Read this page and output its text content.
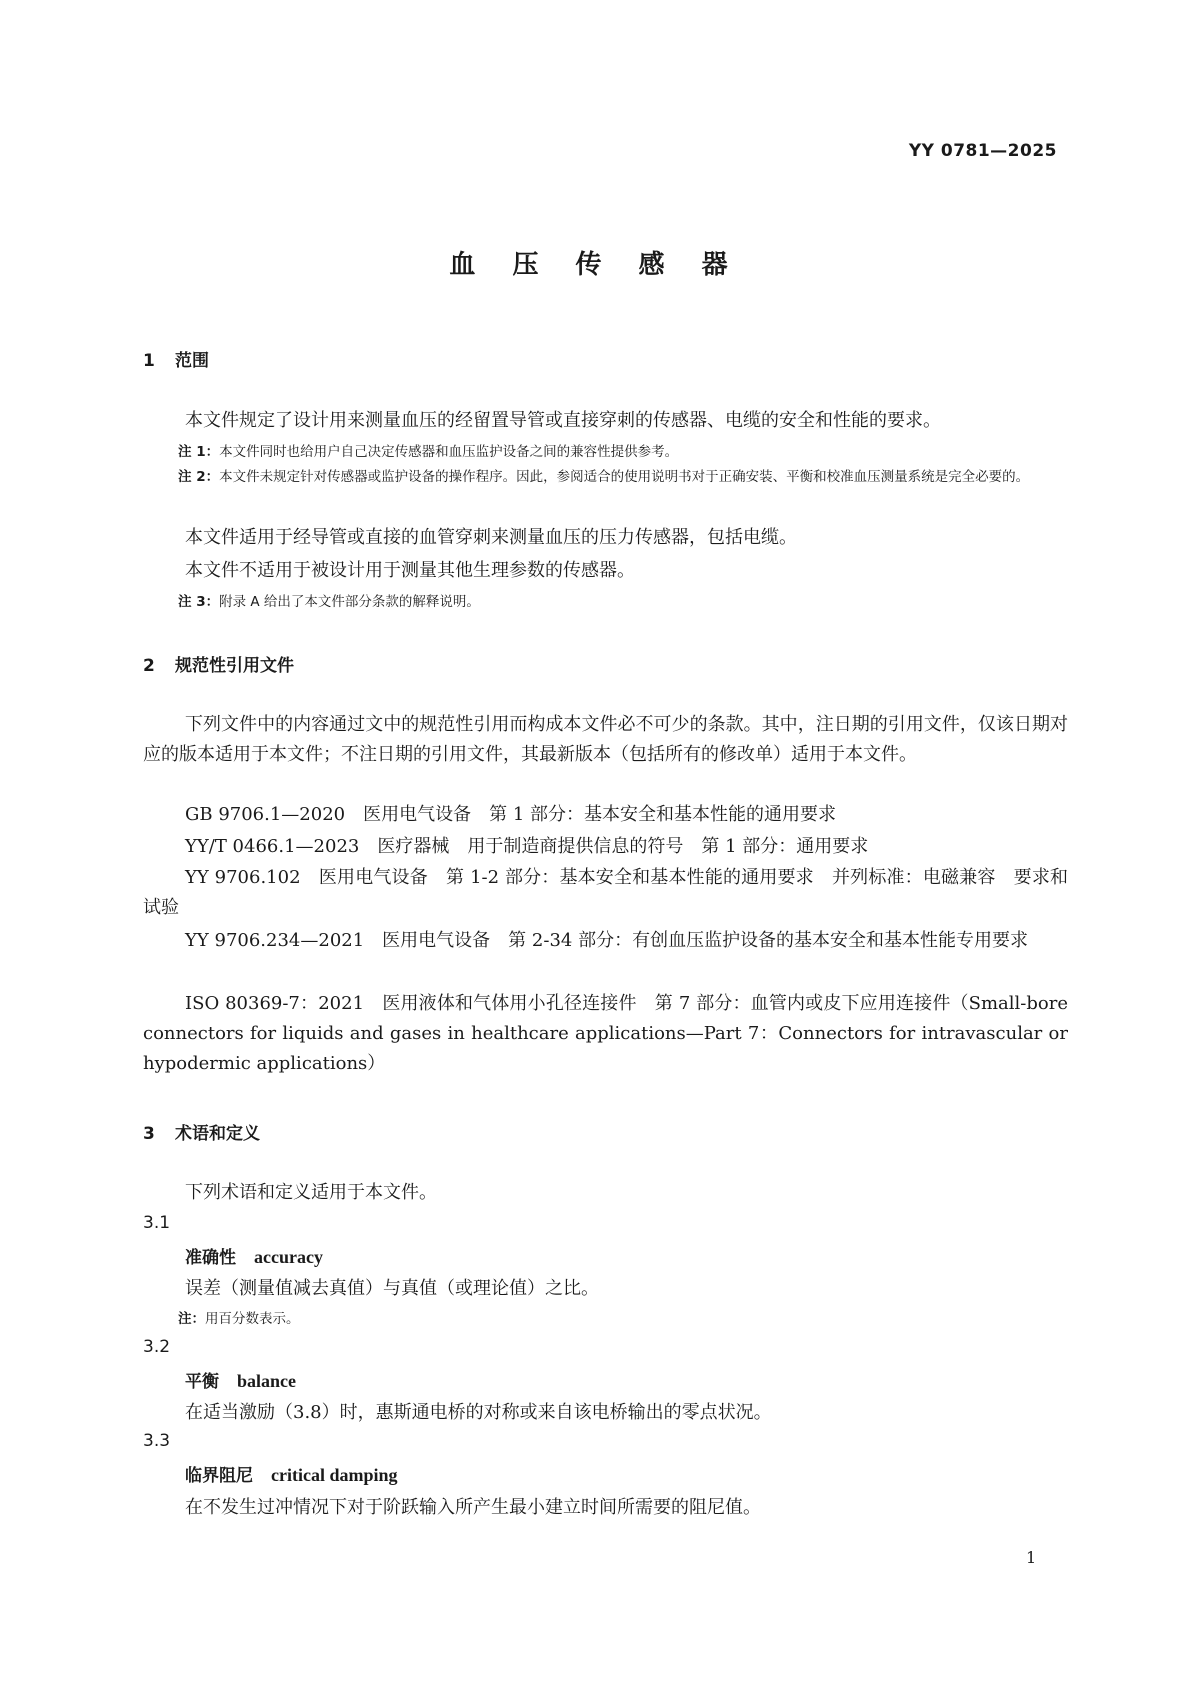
YY 0781—2025
血 压 传 感 器
1 范围
本文件规定了设计用来测量血压的经留置导管或直接穿刺的传感器、电缆的安全和性能的要求。
注 1：本文件同时也给用户自己决定传感器和血压监护设备之间的兼容性提供参考。
注 2：本文件未规定针对传感器或监护设备的操作程序。因此，参阅适合的使用说明书对于正确安装、平衡和校准血压测量系统是完全必要的。
本文件适用于经导管或直接的血管穿刺来测量血压的压力传感器，包括电缆。
本文件不适用于被设计用于测量其他生理参数的传感器。
注 3：附录 A 给出了本文件部分条款的解释说明。
2 规范性引用文件
下列文件中的内容通过文中的规范性引用而构成本文件必不可少的条款。其中，注日期的引用文件，仅该日期对应的版本适用于本文件；不注日期的引用文件，其最新版本（包括所有的修改单）适用于本文件。
GB 9706.1—2020　医用电气设备　第 1 部分：基本安全和基本性能的通用要求
YY/T 0466.1—2023　医疗器械　用于制造商提供信息的符号　第 1 部分：通用要求
YY 9706.102　医用电气设备　第 1-2 部分：基本安全和基本性能的通用要求　并列标准：电磁兼容　要求和试验
YY 9706.234—2021　医用电气设备　第 2-34 部分：有创血压监护设备的基本安全和基本性能专用要求
ISO 80369-7：2021　医用液体和气体用小孔径连接件　第 7 部分：血管内或皮下应用连接件（Small-bore connectors for liquids and gases in healthcare applications—Part 7：Connectors for intravascular or hypodermic applications）
3 术语和定义
下列术语和定义适用于本文件。
3.1
准确性 accuracy
误差（测量值减去真值）与真值（或理论值）之比。
注：用百分数表示。
3.2
平衡 balance
在适当激励（3.8）时，惠斯通电桥的对称或来自该电桥输出的零点状况。
3.3
临界阻尼 critical damping
在不发生过冲情况下对于阶跃输入所产生最小建立时间所需要的阻尼值。
1
